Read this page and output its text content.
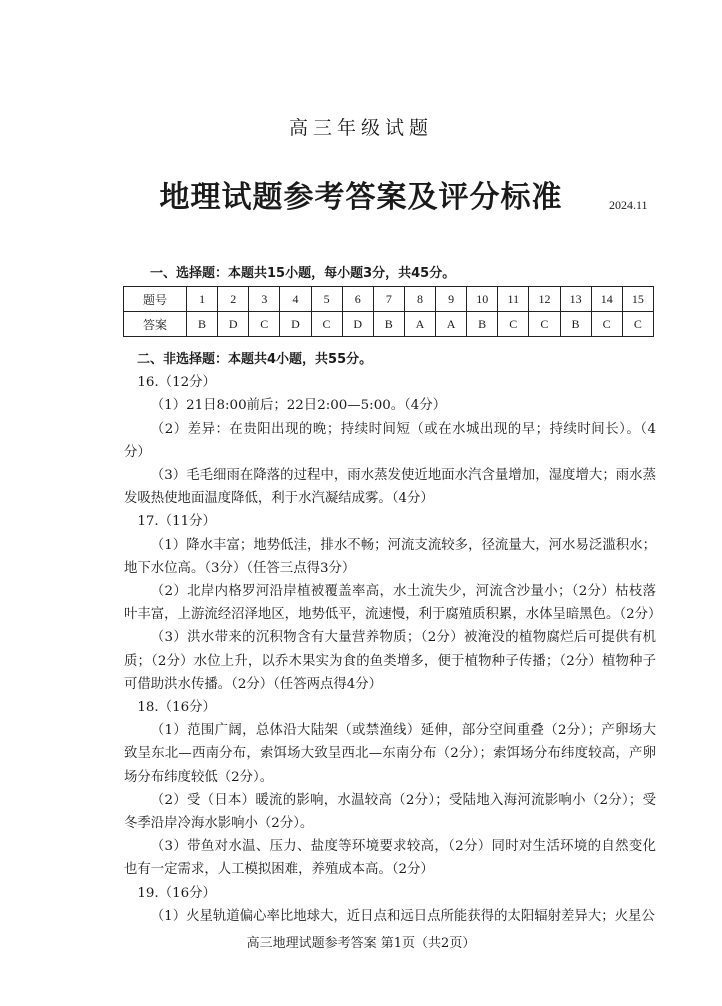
高三年级试题
地理试题参考答案及评分标准	2024.11
一、选择题：本题共15小题，每小题3分，共45分。
题号	1	2	3	4	5	6	7	8	9	10	11	12	13	14	15
答案	B	D	C	D	C	D	B	A	A	B	C	C	B	C	C

二、非选择题：本题共4小题，共55分。

16.（12分）

（1）21日8:00前后；22日2:00—5:00。（4分）

（2）差异：在贵阳出现的晚；持续时间短（或在水城出现的早；持续时间长）。（4分）

（3）毛毛细雨在降落的过程中，雨水蒸发使近地面水汽含量增加，湿度增大；雨水蒸发吸热使地面温度降低，利于水汽凝结成雾。（4分）

17.（11分）

（1）降水丰富；地势低洼，排水不畅；河流支流较多，径流量大，河水易泛滥积水；地下水位高。（3分）（任答三点得3分）

（2）北岸内格罗河沿岸植被覆盖率高，水土流失少，河流含沙量小；（2分）枯枝落叶丰富，上游流经沼泽地区，地势低平，流速慢，利于腐殖质积累，水体呈暗黑色。（2分）

（3）洪水带来的沉积物含有大量营养物质；（2分）被淹没的植物腐烂后可提供有机质；（2分）水位上升，以乔木果实为食的鱼类增多，便于植物种子传播；（2分）植物种子可借助洪水传播。（2分）（任答两点得4分）

18.（16分）

（1）范围广阔，总体沿大陆架（或禁渔线）延伸，部分空间重叠（2分）；产卵场大致呈东北—西南分布，索饵场大致呈西北—东南分布（2分）；索饵场分布纬度较高，产卵场分布纬度较低（2分）。

（2）受（日本）暖流的影响，水温较高（2分）；受陆地入海河流影响小（2分）；受冬季沿岸冷海水影响小（2分）。

（3）带鱼对水温、压力、盐度等环境要求较高，（2分）同时对生活环境的自然变化也有一定需求，人工模拟困难，养殖成本高。（2分）

19.（16分）

（1）火星轨道偏心率比地球大，近日点和远日点所能获得的太阳辐射差异大；火星公

高三地理试题参考答案 第1页（共2页）
